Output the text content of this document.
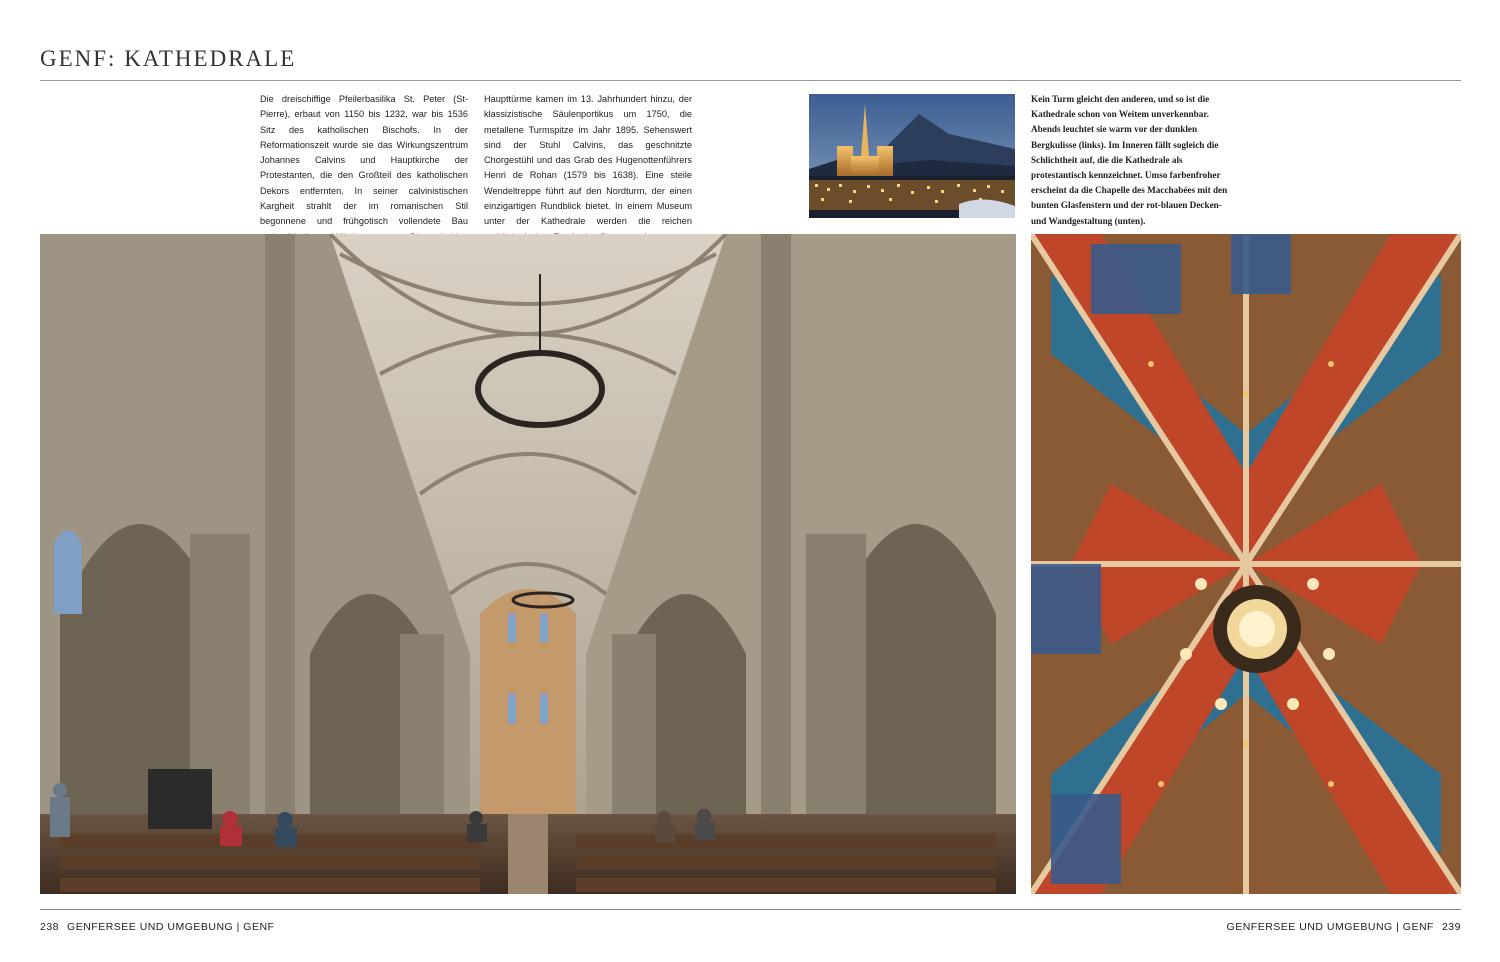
GENF: KATHEDRALE

Die dreischiffige Pfeilerbasilika St. Peter (St-Pierre), erbaut von 1150 bis 1232, war bis 1536 Sitz des katholischen Bischofs. In der Reformationszeit wurde sie das Wirkungszentrum Johannes Calvins und Hauptkirche der Protestanten, die den Großteil des katholischen Dekors entfernten. In seiner calvinistischen Kargheit strahlt der im romanischen Stil begonnene und frühgotisch vollendete Bau

Haupttürme kamen im 13. Jahrhundert hinzu, der klassizistische Säulenportikus um 1750, die metallene Turmspitze im Jahr 1895. Sehenswert sind der Stuhl Calvins, das geschnitzte Chorgestühl und das Grab des Hugenottenführers Henri de Rohan (1579 bis 1638). Eine steile Wendeltreppe führt auf den Nordturm, der einen einzigartigen Rundblick bietet. In einem Museum unter der Kathedrale werden die reichen

Kein Turm gleicht den anderen, und so ist die Kathedrale schon von Weitem unverkennbar. Abends leuchtet sie warm vor der dunklen Bergkulisse (links). Im Inneren fällt sogleich die Schlichtheit auf, die die Kathedrale als protestantisch kennzeichnet. Umso farbenfroher erscheint da die Chapelle des Macchabées mit den bunten Glasfenstern und der rot-blauen Decken- und Wandgestaltung (unten).

238 GENFERSEE UND UMGEBUNG | GENF	GENFERSEE UND UMGEBUNG | GENF 239
